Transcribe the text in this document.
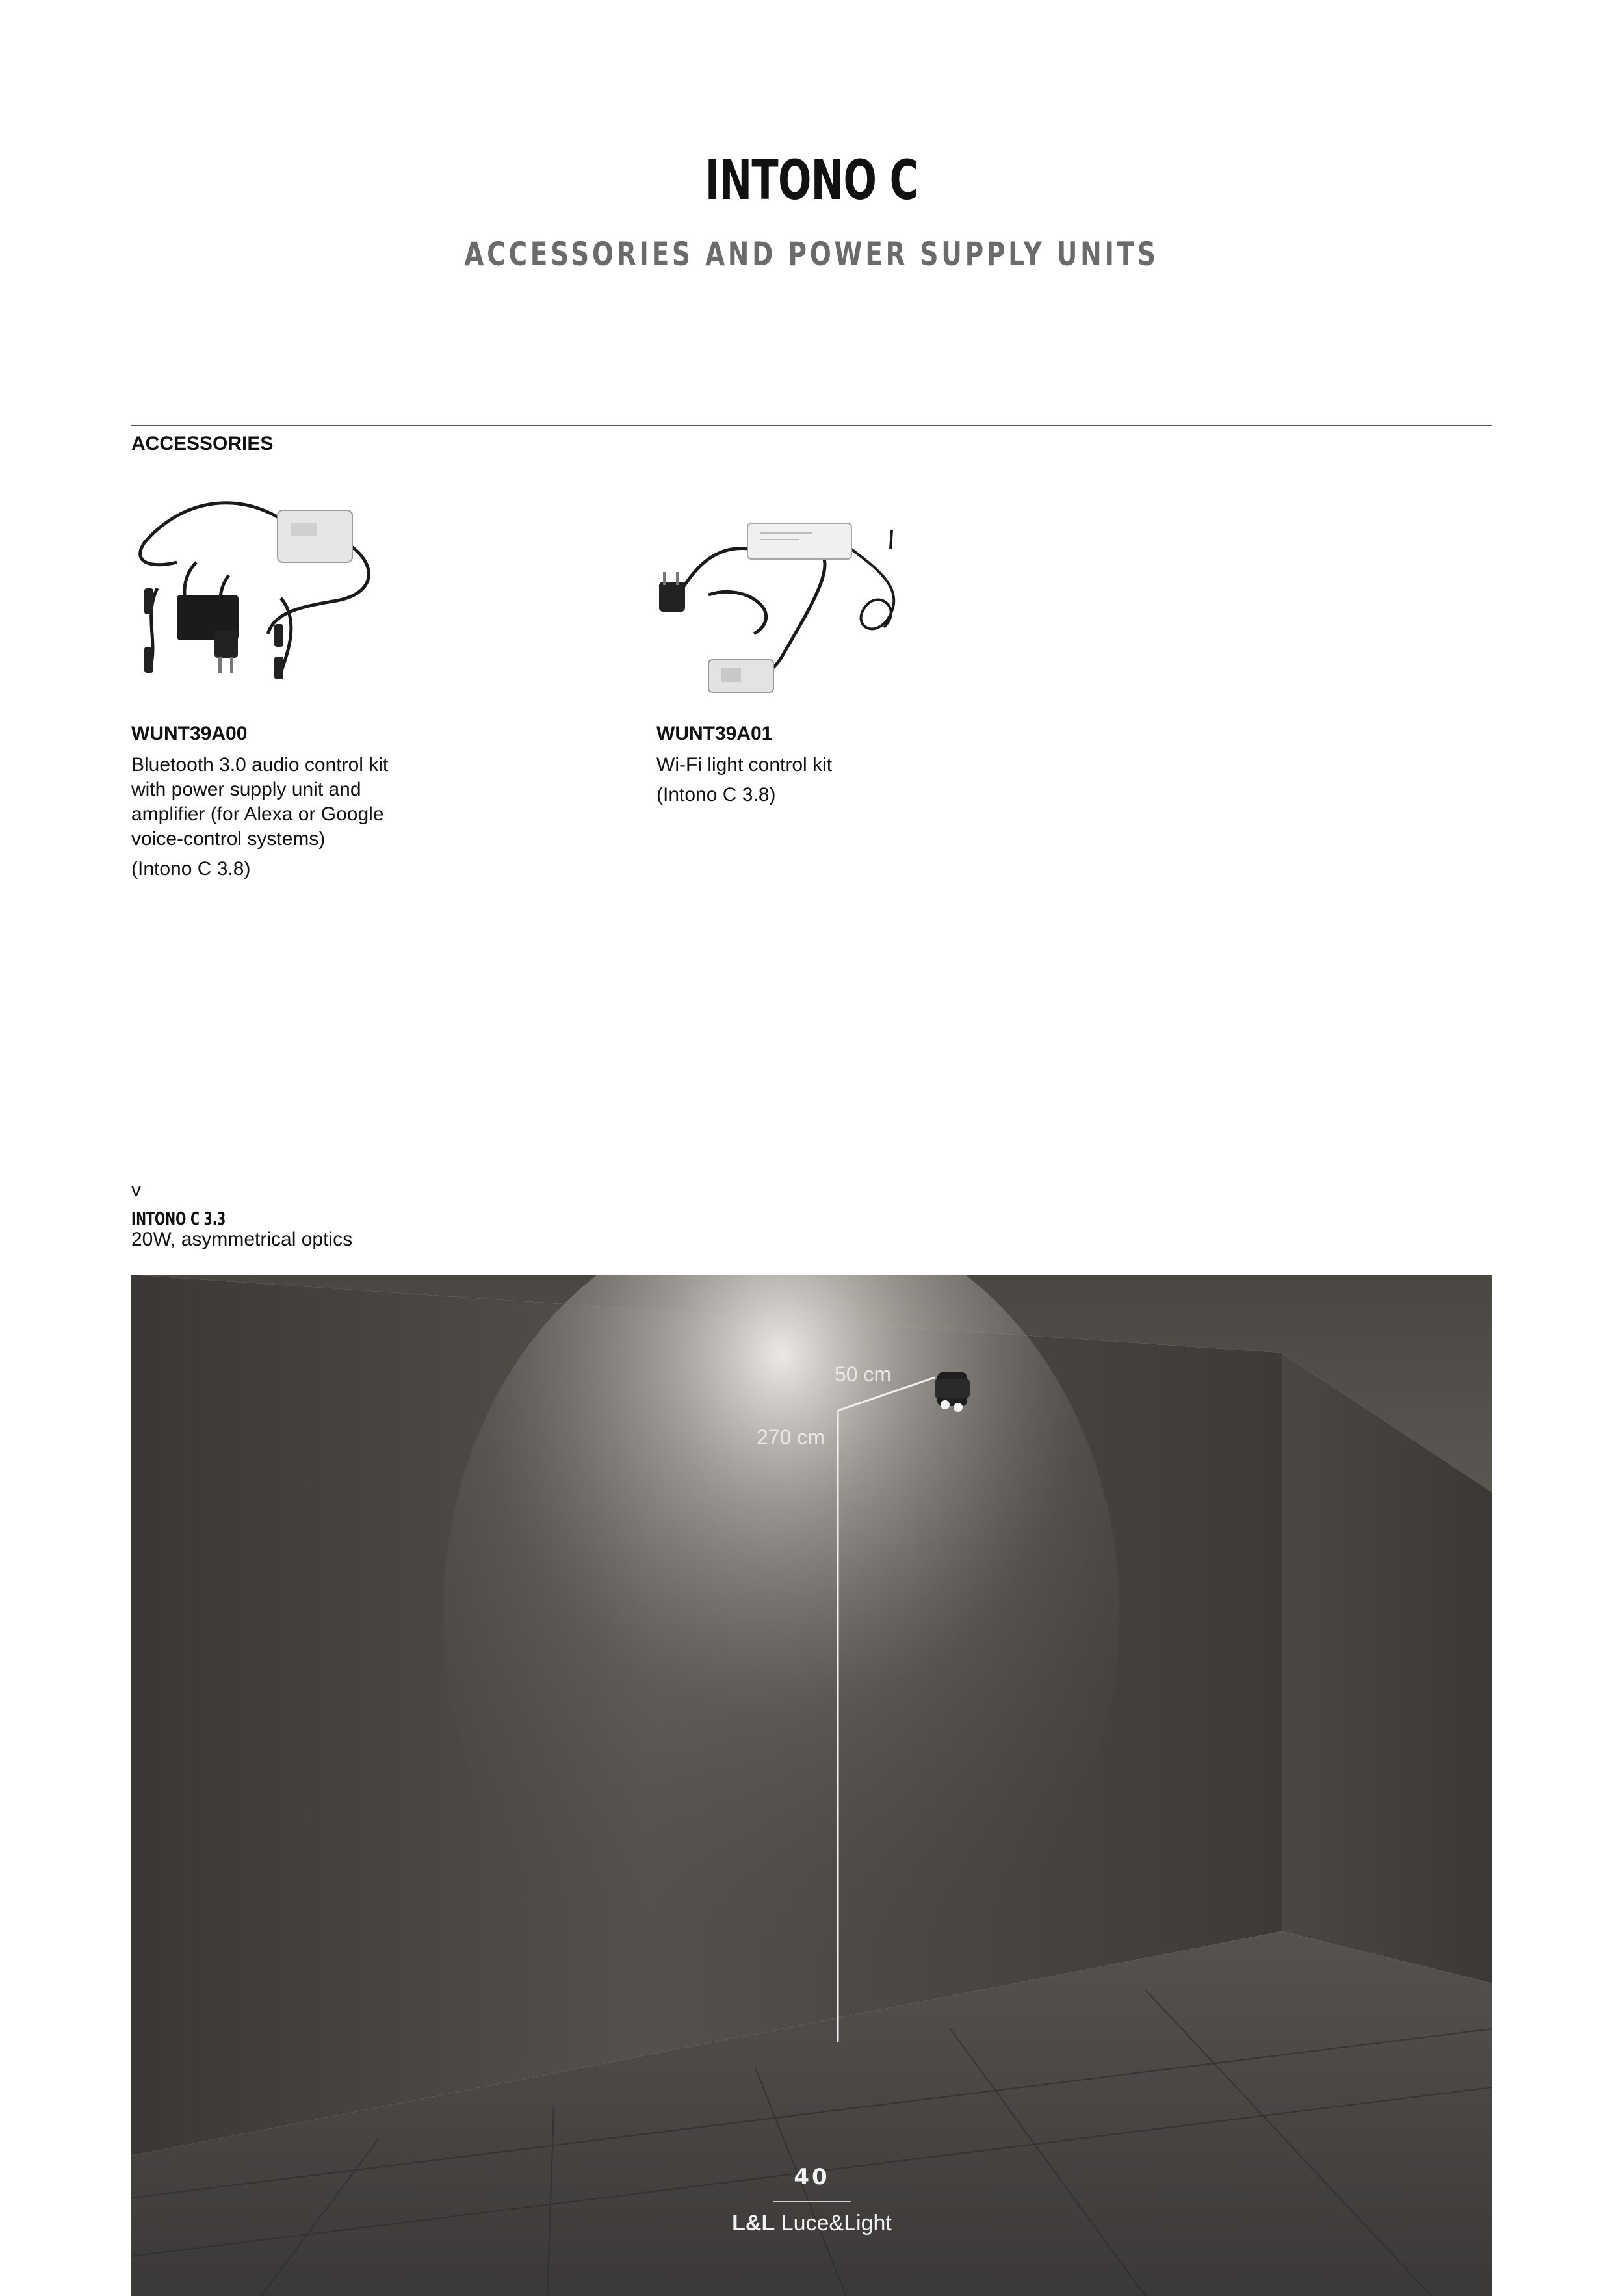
INTONO C
ACCESSORIES AND POWER SUPPLY UNITS
ACCESSORIES
WUNT39A00

Bluetooth 3.0 audio control kit with power supply unit and amplifier (for Alexa or Google voice-control systems)

(Intono C 3.8)

WUNT39A01

Wi-Fi light control kit

(Intono C 3.8)

v
INTONO C 3.3
20W, asymmetrical optics
50 cm
270 cm
40
L&L Luce&Light
